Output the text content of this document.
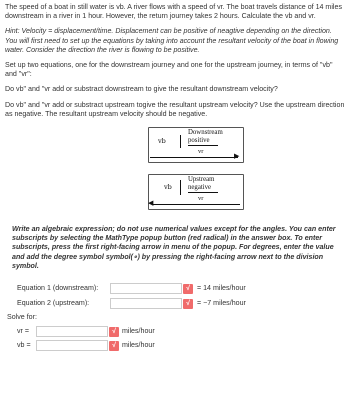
The speed of a boat in still water is vb. A river flows with a speed of vr. The boat travels distance of 14 miles downstream in a river in 1 hour. However, the return journey takes 2 hours. Calculate the vb and vr.

Hint: Velocity = displacement/time. Displacement can be positive of neagtive depending on the direction. You will first need to set up the equations by taking into account the resultant velocity of the boat in flowing water. Consider the direction the river is flowing to be positive.

Set up two equations, one for the downstream journey and one for the upstream journey, in terms of "vb" and "vr":

Do vb" and "vr add or substract downstream to give the resultant downstream velocity?

Do vb" and "vr add or substract upstream togive the resultant upstream velocity? Use the upstream direction as negative. The resultant upstream velocity should be negative.

vb
Downstream
positive
vr
▶
vb
Upstream
negative
vr
◀
Write an algebraic expression; do not use numerical values except for the angles. You can enter subscripts by selecting the MathType popup button (red radical) in the answer box. To enter subscripts, press the first right-facing arrow in menu of the popup. For degrees, enter the value and add the degree symbol symbol(∘) by pressing the right-facing arrow next to the division symbol.
Equation 1 (downstream):	√ = 14 miles/hour
Equation 2 (upstream):	√ = −7 miles/hour
Solve for:
vr =	√ miles/hour
vb =	√ miles/hour
